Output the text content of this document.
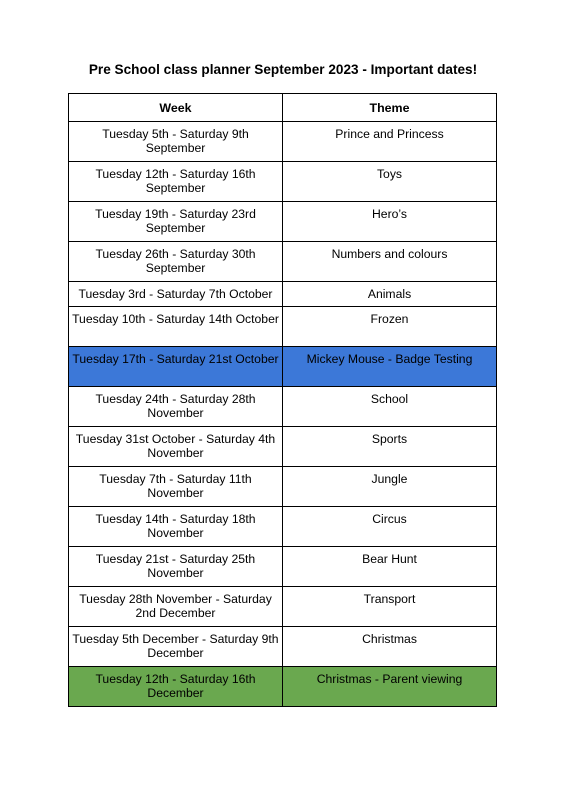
Pre School class planner September 2023 - Important dates!
Week	Theme
Tuesday 5th - Saturday 9th September	Prince and Princess
Tuesday 12th - Saturday 16th September	Toys
Tuesday 19th - Saturday 23rd September	Hero’s
Tuesday 26th - Saturday 30th September	Numbers and colours
Tuesday 3rd - Saturday 7th October	Animals
Tuesday 10th - Saturday 14th October	Frozen
Tuesday 17th - Saturday 21st October	Mickey Mouse - Badge Testing
Tuesday 24th - Saturday 28th November	School
Tuesday 31st October - Saturday 4th November	Sports
Tuesday 7th - Saturday 11th November	Jungle
Tuesday 14th - Saturday 18th November	Circus
Tuesday 21st - Saturday 25th November	Bear Hunt
Tuesday 28th November - Saturday 2nd December	Transport
Tuesday 5th December - Saturday 9th December	Christmas
Tuesday 12th - Saturday 16th December	Christmas - Parent viewing
